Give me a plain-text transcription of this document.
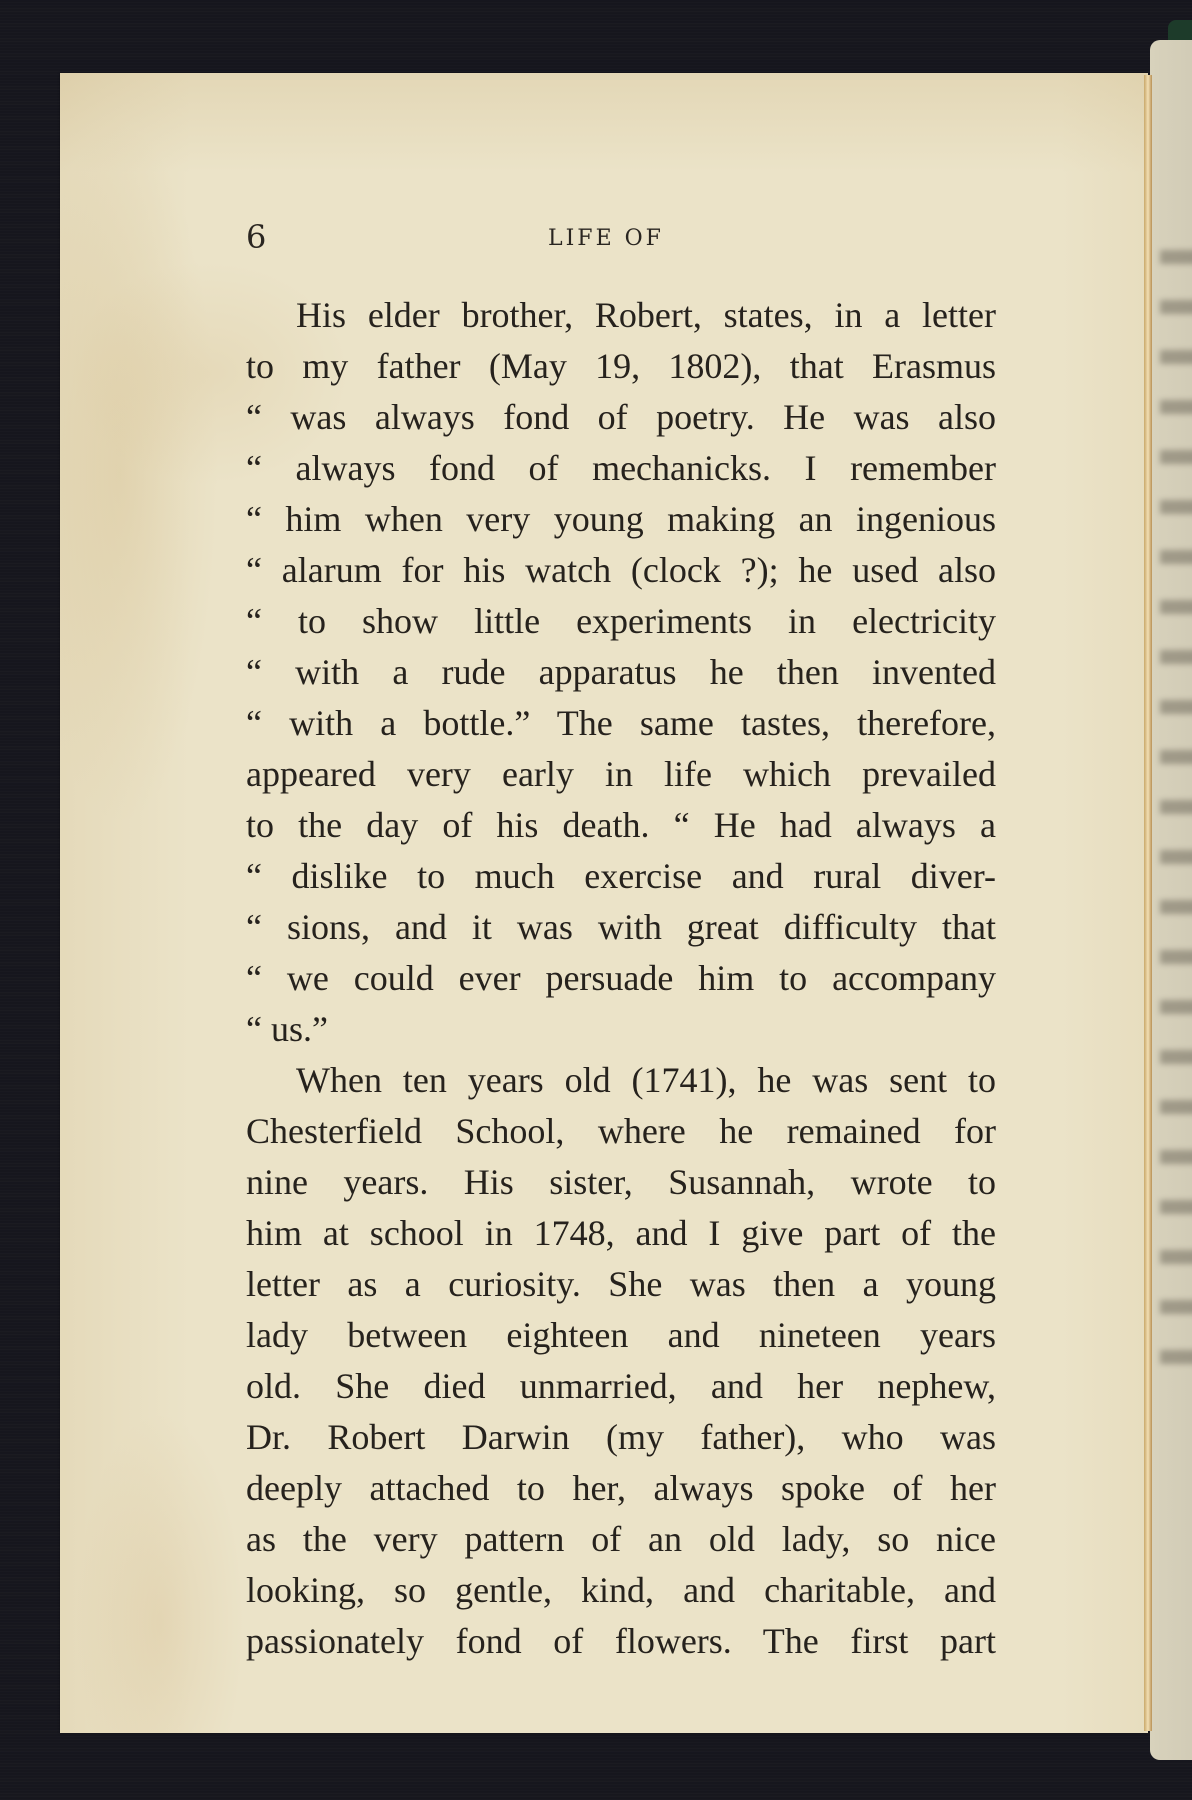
6	LIFE OF
His elder brother, Robert, states, in a letter
to my father (May 19, 1802), that Erasmus
“ was always fond of poetry. He was also
“ always fond of mechanicks. I remember
“ him when very young making an ingenious
“ alarum for his watch (clock ?); he used also
“ to show little experiments in electricity
“ with a rude apparatus he then invented
“ with a bottle.” The same tastes, therefore,
appeared very early in life which prevailed
to the day of his death. “ He had always a
“ dislike to much exercise and rural diver-
“ sions, and it was with great difficulty that
“ we could ever persuade him to accompany
“ us.”
When ten years old (1741), he was sent to
Chesterfield School, where he remained for
nine years. His sister, Susannah, wrote to
him at school in 1748, and I give part of the
letter as a curiosity. She was then a young
lady between eighteen and nineteen years
old. She died unmarried, and her nephew,
Dr. Robert Darwin (my father), who was
deeply attached to her, always spoke of her
as the very pattern of an old lady, so nice
looking, so gentle, kind, and charitable, and
passionately fond of flowers. The first part
